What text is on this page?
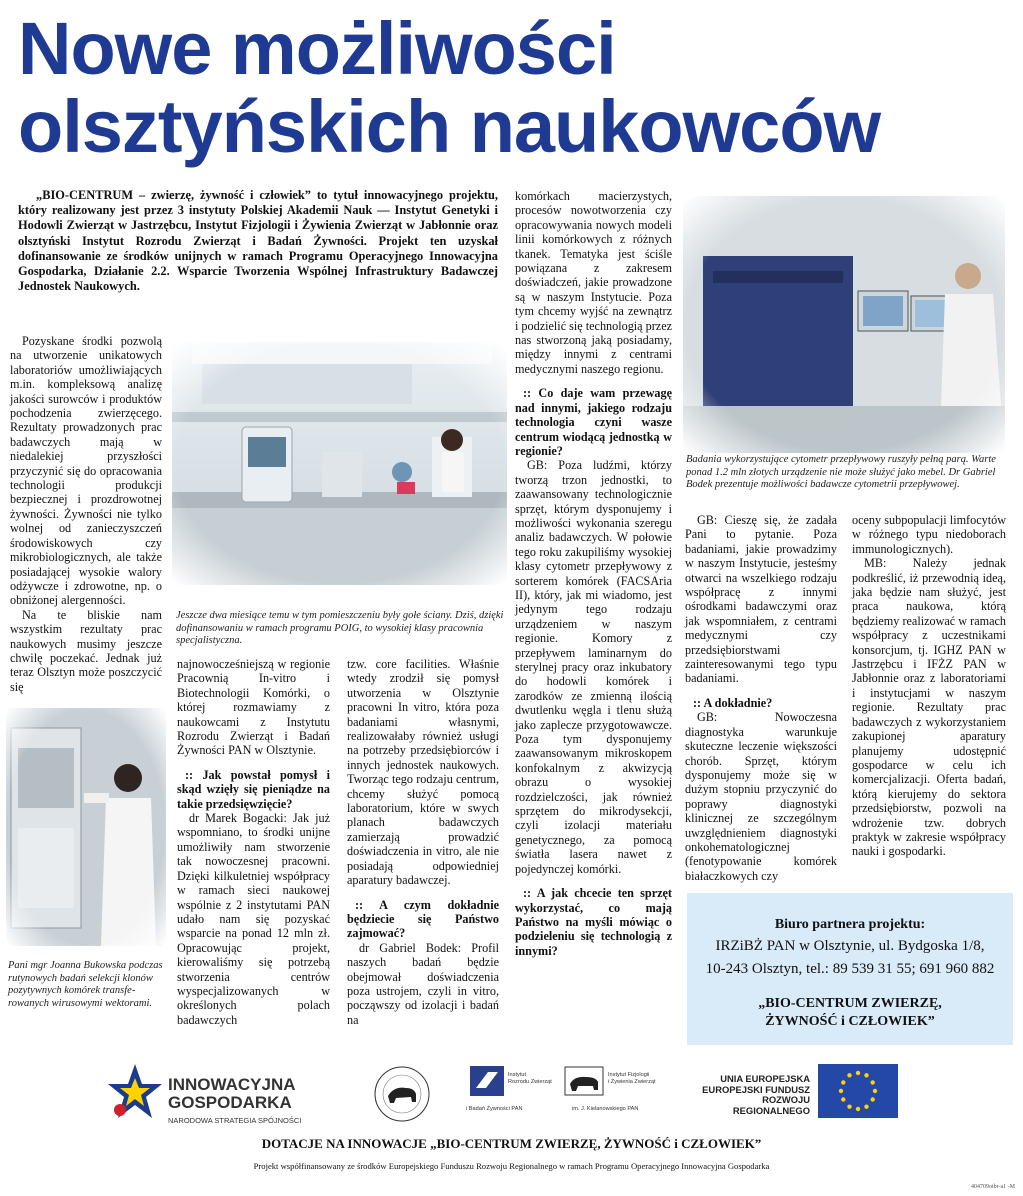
Nowe możliwości
olsztyńskich naukowców

„BIO-CENTRUM – zwierzę, żywność i człowiek” to tytuł innowacyjnego projektu, który realizowany jest przez 3 instytuty Polskiej Akademii Nauk — Instytut Genetyki i Hodowli Zwierząt w Jastrzębcu, Instytut Fizjologii i Żywienia Zwierząt w Jabłonnie oraz olsztyński Instytut Rozrodu Zwierząt i Badań Żywności. Projekt ten uzyskał dofinansowanie ze środków unijnych w ramach Programu Operacyjnego Innowacyjna Gospodarka, Działanie 2.2. Wsparcie Tworzenia Wspólnej Infrastruktury Badawczej Jednostek Naukowych.

Jeszcze dwa miesiące temu w tym pomieszczeniu były gołe ściany. Dziś, dzięki dofinansowaniu w ramach programu POIG, to wysokiej klasy pracownia specjalistyczna.

Pani mgr Joanna Bukowska podczas rutynowych badań selekcji klonów pozytywnych komórek transfe-rowanych wirusowymi wektorami.

Badania wykorzystujące cytometr przepływowy ruszyły pełną parą. Warte ponad 1.2 mln złotych urządzenie nie może służyć jako mebel. Dr Gabriel Bodek prezentuje możliwości badawcze cytometrii przepływowej.

Pozyskane środki pozwolą na utworzenie unikatowych laboratoriów umożliwiających m.in. kompleksową analizę jakości surowców i produktów pochodzenia zwierzęcego. Rezultaty prowadzonych prac badawczych mają w niedalekiej przyszłości przyczynić się do opracowania technologii produkcji bezpiecznej i prozdrowotnej żywności. Żywności nie tylko wolnej od zanieczyszczeń środowiskowych czy mikrobiologicznych, ale także posiadającej wysokie walory odżywcze i zdrowotne, np. o obniżonej alergenności.

Na te bliskie nam wszystkim rezultaty prac naukowych musimy jeszcze chwilę poczekać. Jednak już teraz Olsztyn może poszczycić się

najnowocześniejszą w regionie Pracownią In-vitro i Biotechnologii Komórki, o której rozmawiamy z naukowcami z Instytutu Rozrodu Zwierząt i Badań Żywności PAN w Olsztynie.

:: Jak powstał pomysł i skąd wzięły się pieniądze na takie przedsięwzięcie?

dr Marek Bogacki: Jak już wspomniano, to środki unijne umożliwiły nam stworzenie tak nowoczesnej pracowni. Dzięki kilkuletniej współpracy w ramach sieci naukowej wspólnie z 2 instytutami PAN udało nam się pozyskać wsparcie na ponad 12 mln zł. Opracowując projekt, kierowaliśmy się potrzebą stworzenia centrów wyspecjalizowanych w określonych polach badawczych

tzw. core facilities. Właśnie wtedy zrodził się pomysł utworzenia w Olsztynie pracowni In vitro, która poza badaniami własnymi, realizowałaby również usługi na potrzeby przedsiębiorców i innych jednostek naukowych. Tworząc tego rodzaju centrum, chcemy służyć pomocą laboratorium, które w swych planach badawczych zamierzają prowadzić doświadczenia in vitro, ale nie posiadają odpowiedniej aparatury badawczej.

:: A czym dokładnie będziecie się Państwo zajmować?

dr Gabriel Bodek: Profil naszych badań będzie obejmował doświadczenia poza ustrojem, czyli in vitro, począwszy od izolacji i badań na

komórkach macierzystych, procesów nowotworzenia czy opracowywania nowych modeli linii komórkowych z różnych tkanek. Tematyka jest ściśle powiązana z zakresem doświadczeń, jakie prowadzone są w naszym Instytucie. Poza tym chcemy wyjść na zewnątrz i podzielić się technologią przez nas stworzoną jaką posiadamy, między innymi z centrami medycznymi naszego regionu.

:: Co daje wam przewagę nad innymi, jakiego rodzaju technologia czyni wasze centrum wiodącą jednostką w regionie?

GB: Poza ludźmi, którzy tworzą trzon jednostki, to zaawansowany technologicznie sprzęt, którym dysponujemy i możliwości wykonania szeregu analiz badawczych. W połowie tego roku zakupiliśmy wysokiej klasy cytometr przepływowy z sorterem komórek (FACSAria II), który, jak mi wiadomo, jest jedynym tego rodzaju urządzeniem w naszym regionie. Komory z przepływem laminarnym do sterylnej pracy oraz inkubatory do hodowli komórek i zarodków ze zmienną ilością dwutlenku węgla i tlenu służą jako zaplecze przygotowawcze. Poza tym dysponujemy zaawansowanym mikroskopem konfokalnym z akwizycją obrazu o wysokiej rozdzielczości, jak również sprzętem do mikrodysekcji, czyli izolacji materiału genetycznego, za pomocą światła lasera nawet z pojedynczej komórki.

:: A jak chcecie ten sprzęt wykorzystać, co mają Państwo na myśli mówiąc o podzieleniu się technologią z innymi?

GB: Cieszę się, że zadała Pani to pytanie. Poza badaniami, jakie prowadzimy w naszym Instytucie, jesteśmy otwarci na wszelkiego rodzaju współpracę z innymi ośrodkami badawczymi oraz jak wspomniałem, z centrami medycznymi czy przedsiębiorstwami zainteresowanymi tego typu badaniami.

:: A dokładnie?

GB: Nowoczesna diagnostyka warunkuje skuteczne leczenie większości chorób. Sprzęt, którym dysponujemy może się w dużym stopniu przyczynić do poprawy diagnostyki klinicznej ze szczególnym uwzględnieniem diagnostyki onkohematologicznej (fenotypowanie komórek białaczkowych czy

oceny subpopulacji limfocytów w różnego typu niedoborach immunologicznych).

MB: Należy jednak podkreślić, iż przewodnią ideą, jaka będzie nam służyć, jest praca naukowa, którą będziemy realizować w ramach współpracy z uczestnikami konsorcjum, tj. IGHZ PAN w Jastrzębcu i IFŻZ PAN w Jabłonnie oraz z laboratoriami i instytucjami w naszym regionie. Rezultaty prac badawczych z wykorzystaniem zakupionej aparatury planujemy udostępnić gospodarce w celu ich komercjalizacji. Oferta badań, którą kierujemy do sektora przedsiębiorstw, pozwoli na wdrożenie tzw. dobrych praktyk w zakresie współpracy nauki i gospodarki.

Biuro partnera projektu:
IRZiBŻ PAN w Olsztynie, ul. Bydgoska 1/8,
10-243 Olsztyn, tel.: 89 539 31 55; 691 960 882
„BIO-CENTRUM ZWIERZĘ,
ŻYWNOŚĆ i CZŁOWIEK”
INNOWACYJNA
GOSPODARKA
NARODOWA STRATEGIA SPÓJNOŚCI
Instytut
Rozrodu Zwierząt
i Badań Żywności PAN
Instytut Fizjologii
i Żywienia Zwierząt
im. J. Kielanowskiego PAN
UNIA EUROPEJSKA
EUROPEJSKI FUNDUSZ
ROZWOJU REGIONALNEGO
DOTACJE NA INNOWACJE „BIO-CENTRUM ZWIERZĘ, ŻYWNOŚĆ i CZŁOWIEK”
Projekt współfinansowany ze środków Europejskiego Funduszu Rozwoju Regionalnego w ramach Programu Operacyjnego Innowacyjna Gospodarka
404709otbr-a1 -M
